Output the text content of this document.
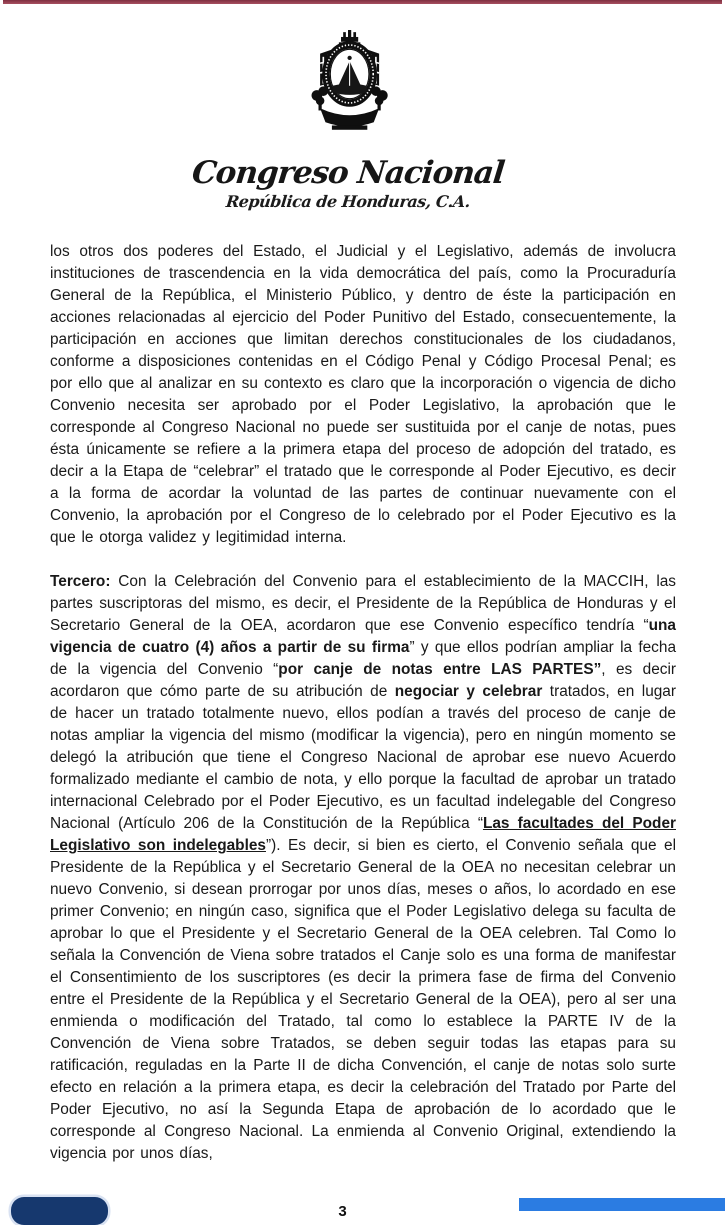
Congreso Nacional
República de Honduras, C.A.

los otros dos poderes del Estado, el Judicial y el Legislativo, además de involucra instituciones de trascendencia en la vida democrática del país, como la Procuraduría General de la República, el Ministerio Público, y dentro de éste la participación en acciones relacionadas al ejercicio del Poder Punitivo del Estado, consecuentemente, la participación en acciones que limitan derechos constitucionales de los ciudadanos, conforme a disposiciones contenidas en el Código Penal y Código Procesal Penal; es por ello que al analizar en su contexto es claro que la incorporación o vigencia de dicho Convenio necesita ser aprobado por el Poder Legislativo, la aprobación que le corresponde al Congreso Nacional no puede ser sustituida por el canje de notas, pues ésta únicamente se refiere a la primera etapa del proceso de adopción del tratado, es decir a la Etapa de “celebrar” el tratado que le corresponde al Poder Ejecutivo, es decir a la forma de acordar la voluntad de las partes de continuar nuevamente con el Convenio, la aprobación por el Congreso de lo celebrado por el Poder Ejecutivo es la que le otorga validez y legitimidad interna.

Tercero: Con la Celebración del Convenio para el establecimiento de la MACCIH, las partes suscriptoras del mismo, es decir, el Presidente de la República de Honduras y el Secretario General de la OEA, acordaron que ese Convenio específico tendría “una vigencia de cuatro (4) años a partir de su firma” y que ellos podrían ampliar la fecha de la vigencia del Convenio “por canje de notas entre LAS PARTES”, es decir acordaron que cómo parte de su atribución de negociar y celebrar tratados, en lugar de hacer un tratado totalmente nuevo, ellos podían a través del proceso de canje de notas ampliar la vigencia del mismo (modificar la vigencia), pero en ningún momento se delegó la atribución que tiene el Congreso Nacional de aprobar ese nuevo Acuerdo formalizado mediante el cambio de nota, y ello porque la facultad de aprobar un tratado internacional Celebrado por el Poder Ejecutivo, es un facultad indelegable del Congreso Nacional (Artículo 206 de la Constitución de la República “Las facultades del Poder Legislativo son indelegables”). Es decir, si bien es cierto, el Convenio señala que el Presidente de la República y el Secretario General de la OEA no necesitan celebrar un nuevo Convenio, si desean prorrogar por unos días, meses o años, lo acordado en ese primer Convenio; en ningún caso, significa que el Poder Legislativo delega su faculta de aprobar lo que el Presidente y el Secretario General de la OEA celebren. Tal Como lo señala la Convención de Viena sobre tratados el Canje solo es una forma de manifestar el Consentimiento de los suscriptores (es decir la primera fase de firma del Convenio entre el Presidente de la República y el Secretario General de la OEA), pero al ser una enmienda o modificación del Tratado, tal como lo establece la PARTE IV de la Convención de Viena sobre Tratados, se deben seguir todas las etapas para su ratificación, reguladas en la Parte II de dicha Convención, el canje de notas solo surte efecto en relación a la primera etapa, es decir la celebración del Tratado por Parte del Poder Ejecutivo, no así la Segunda Etapa de aprobación de lo acordado que le corresponde al Congreso Nacional. La enmienda al Convenio Original, extendiendo la vigencia por unos días,

3
